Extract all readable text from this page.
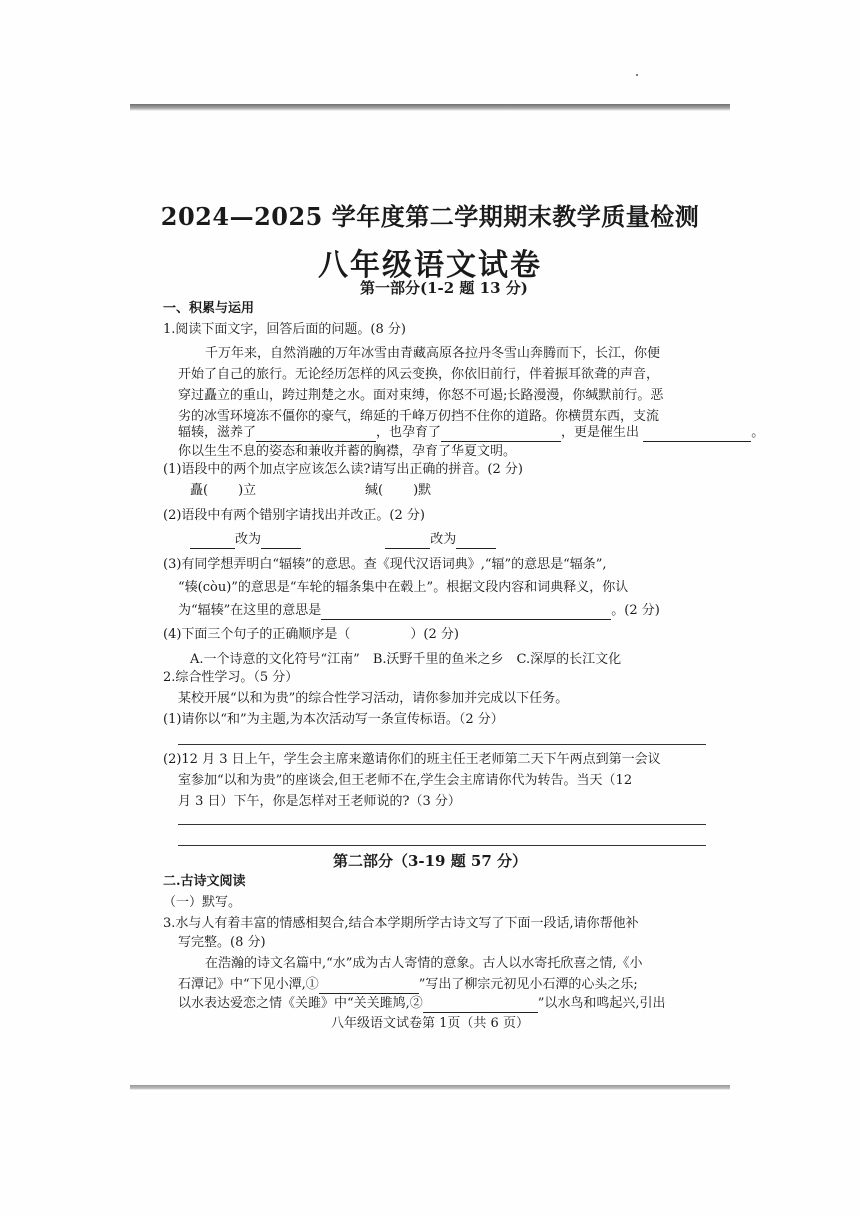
2024—2025 学年度第二学期期末教学质量检测
八年级语文试卷
第一部分(1-2 题 13 分)
一、积累与运用
1.阅读下面文字，回答后面的问题。(8 分)
千万年来，自然消融的万年冰雪由青藏高原各拉丹冬雪山奔腾而下，长江，你便
开始了自己的旅行。无论经历怎样的风云变换，你依旧前行，伴着振耳欲聋的声音，
穿过矗立的重山，跨过荆楚之水。面对束缚，你怒不可遏;长路漫漫，你缄默前行。恶
劣的冰雪环境冻不僵你的豪气，绵延的千峰万仞挡不住你的道路。你横贯东西，支流
辐辏，滋养了	，也孕育了	，更是催生出	。
你以生生不息的姿态和兼收并蓄的胸襟，孕育了华夏文明。
(1)语段中的两个加点字应该怎么读?请写出正确的拼音。(2 分)
矗( )立	缄( )默
(2)语段中有两个错别字请找出并改正。(2 分)
改为	改为
(3)有同学想弄明白“辐辏”的意思。查《现代汉语词典》,“辐”的意思是“辐条”,
“辏(còu)”的意思是“车轮的辐条集中在毂上”。根据文段内容和词典释义，你认
为“辐辏”在这里的意思是	。(2 分)
(4)下面三个句子的正确顺序是（	）(2 分)
A.一个诗意的文化符号“江南”　B.沃野千里的鱼米之乡　C.深厚的长江文化
2.综合性学习。（5 分）
某校开展“以和为贵”的综合性学习活动，请你参加并完成以下任务。
(1)请你以“和”为主题,为本次活动写一条宣传标语。（2 分）
(2)12 月 3 日上午，学生会主席来邀请你们的班主任王老师第二天下午两点到第一会议
室参加“以和为贵”的座谈会,但王老师不在,学生会主席请你代为转告。当天（12
月 3 日）下午，你是怎样对王老师说的?（3 分）
第二部分（3-19 题 57 分）
二.古诗文阅读
（一）默写。
3.水与人有着丰富的情感相契合,结合本学期所学古诗文写了下面一段话,请你帮他补
写完整。(8 分)
在浩瀚的诗文名篇中,“水”成为古人寄情的意象。古人以水寄托欣喜之情,《小
石潭记》中“下见小潭,①	”写出了柳宗元初见小石潭的心头之乐;
以水表达爱恋之情《关雎》中“关关雎鸠,②	”以水鸟和鸣起兴,引出
八年级语文试卷第 1页（共 6 页）
